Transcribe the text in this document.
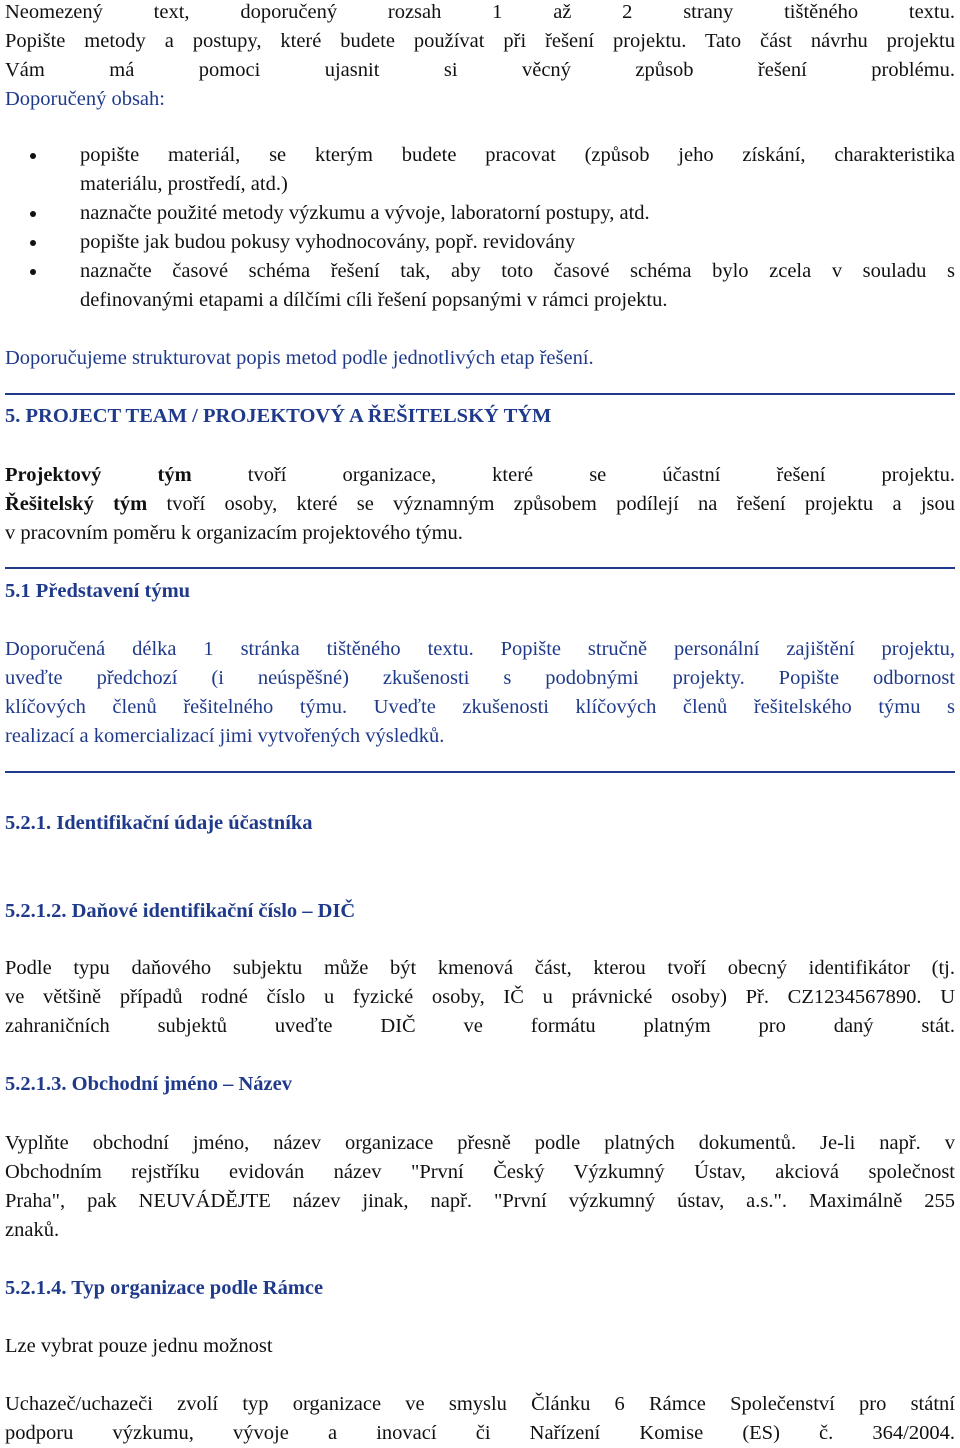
Neomezený text, doporučený rozsah 1 až 2 strany tištěného textu.

Popište metody a postupy, které budete používat při řešení projektu. Tato část návrhu projektu

Vám má pomoci ujasnit si věcný způsob řešení problému.

Doporučený obsah:

popište materiál, se kterým budete pracovat (způsob jeho získání, charakteristika

materiálu, prostředí, atd.)

naznačte použité metody výzkumu a vývoje, laboratorní postupy, atd.

popište jak budou pokusy vyhodnocovány, popř. revidovány

naznačte časové schéma řešení tak, aby toto časové schéma bylo zcela v souladu s

definovanými etapami a dílčími cíli řešení popsanými v rámci projektu.

Doporučujeme strukturovat popis metod podle jednotlivých etap řešení.

5. PROJECT TEAM / PROJEKTOVÝ A ŘEŠITELSKÝ TÝM

Projektový tým tvoří organizace, které se účastní řešení projektu.

Řešitelský tým tvoří osoby, které se významným způsobem podílejí na řešení projektu a jsou

v pracovním poměru k organizacím projektového týmu.

5.1 Představení týmu

Doporučená délka 1 stránka tištěného textu. Popište stručně personální zajištění projektu,

uveďte předchozí (i neúspěšné) zkušenosti s podobnými projekty. Popište odbornost

klíčových členů řešitelného týmu. Uveďte zkušenosti klíčových členů řešitelského týmu s

realizací a komercializací jimi vytvořených výsledků.

5.2.1. Identifikační údaje účastníka

5.2.1.2. Daňové identifikační číslo – DIČ

Podle typu daňového subjektu může být kmenová část, kterou tvoří obecný identifikátor (tj.

ve většině případů rodné číslo u fyzické osoby, IČ u právnické osoby) Př. CZ1234567890. U

zahraničních subjektů uveďte DIČ ve formátu platným pro daný stát.

5.2.1.3. Obchodní jméno – Název

Vyplňte obchodní jméno, název organizace přesně podle platných dokumentů. Je-li např. v

Obchodním rejstříku evidován název "První Český Výzkumný Ústav, akciová společnost

Praha", pak NEUVÁDĚJTE název jinak, např. "První výzkumný ústav, a.s.". Maximálně 255

znaků.

5.2.1.4. Typ organizace podle Rámce

Lze vybrat pouze jednu možnost

Uchazeč/uchazeči zvolí typ organizace ve smyslu Článku 6 Rámce Společenství pro státní

podporu výzkumu, vývoje a inovací či Nařízení Komise (ES) č. 364/2004.
